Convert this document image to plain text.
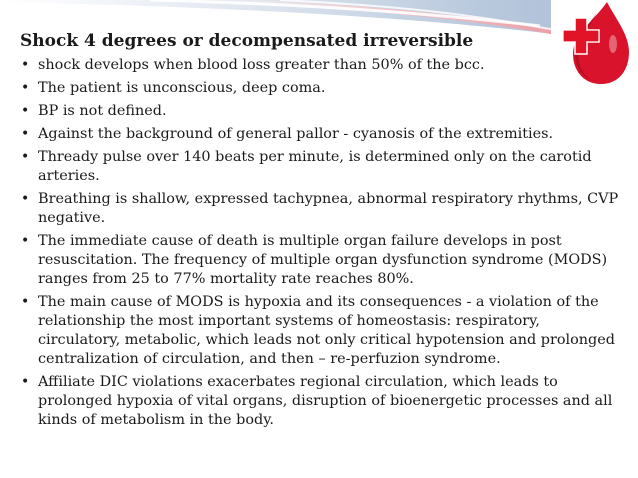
Shock 4 degrees or decompensated irreversible
• shock develops when blood loss greater than 50% of the bcc.
• The patient is unconscious, deep coma.
• BP is not defined.
• Against the background of general pallor - cyanosis of the extremities.
• Thready pulse over 140 beats per minute, is determined only on the carotid arteries.
• Breathing is shallow, expressed tachypnea, abnormal respiratory rhythms, CVP negative.
• The immediate cause of death is multiple organ failure develops in post resuscitation. The frequency of multiple organ dysfunction syndrome (MODS) ranges from 25 to 77% mortality rate reaches 80%.
• The main cause of MODS is hypoxia and its consequences - a violation of the relationship the most important systems of homeostasis: respiratory, circulatory, metabolic, which leads not only critical hypotension and prolonged centralization of circulation, and then – re-perfuzion syndrome.
• Affiliate DIC violations exacerbates regional circulation, which leads to prolonged hypoxia of vital organs, disruption of bioenergetic processes and all kinds of metabolism in the body.
